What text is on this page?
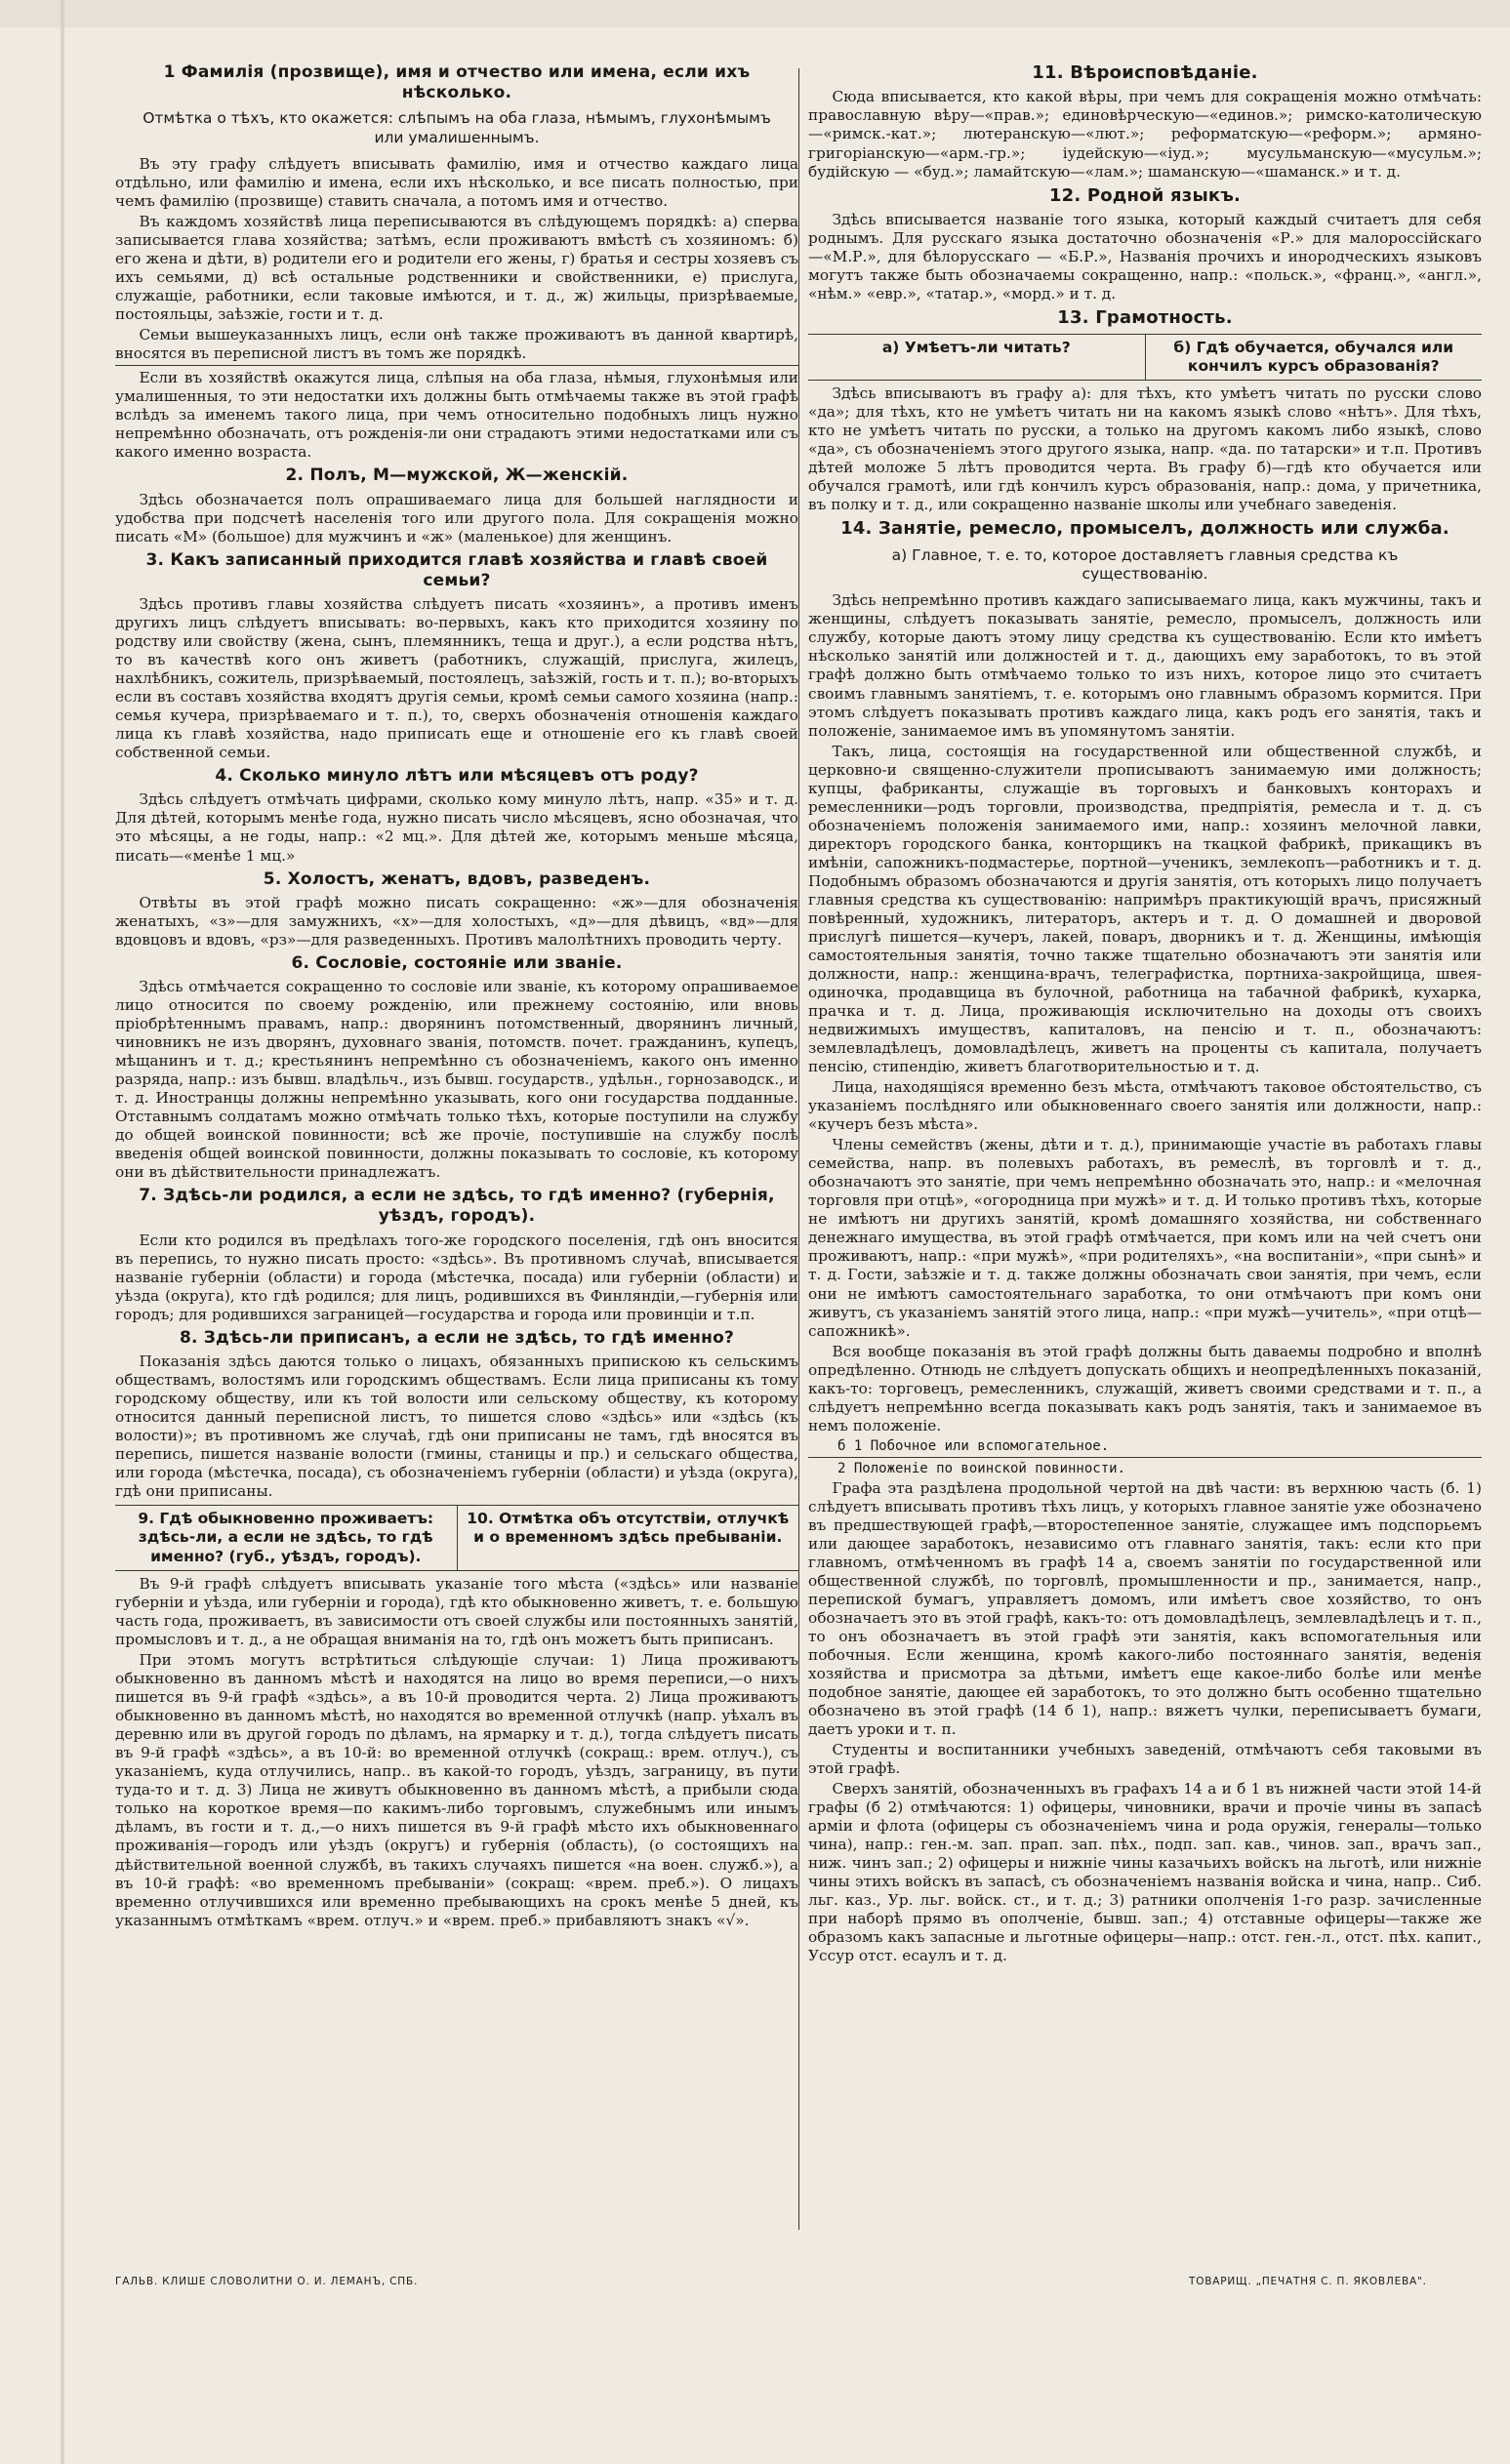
1 Фамилія (прозвище), имя и отчество или имена, если ихъ нѣсколько.
Отмѣтка о тѣхъ, кто окажется: слѣпымъ на оба глаза, нѣмымъ, глухонѣмымъ или умалишеннымъ.

Въ эту графу слѣдуетъ вписывать фамилію, имя и отчество каждаго лица отдѣльно, или фамилію и имена, если ихъ нѣсколько, и все писать полностью, при чемъ фамилію (прозвище) ставить сначала, а потомъ имя и отчество.

Въ каждомъ хозяйствѣ лица переписываются въ слѣдующемъ порядкѣ: а) сперва записывается глава хозяйства; затѣмъ, если проживаютъ вмѣстѣ съ хозяиномъ: б) его жена и дѣти, в) родители его и родители его жены, г) братья и сестры хозяевъ съ ихъ семьями, д) всѣ остальные родственники и свойственники, е) прислуга, служащіе, работники, если таковые имѣются, и т. д., ж) жильцы, призрѣваемые, постояльцы, заѣзжіе, гости и т. д.

Семьи вышеуказанныхъ лицъ, если онѣ также проживаютъ въ данной квартирѣ, вносятся въ переписной листъ въ томъ же порядкѣ.

Если въ хозяйствѣ окажутся лица, слѣпыя на оба глаза, нѣмыя, глухонѣмыя или умалишенныя, то эти недостатки ихъ должны быть отмѣчаемы также въ этой графѣ вслѣдъ за именемъ такого лица, при чемъ относительно подобныхъ лицъ нужно непремѣнно обозначать, отъ рожденія-ли они страдаютъ этими недостатками или съ какого именно возраста.

2. Полъ, М—мужской, Ж—женскій.

Здѣсь обозначается полъ опрашиваемаго лица для большей наглядности и удобства при подсчетѣ населенія того или другого пола. Для сокращенія можно писать «М» (большое) для мужчинъ и «ж» (маленькое) для женщинъ.

3. Какъ записанный приходится главѣ хозяйства и главѣ своей семьи?

Здѣсь противъ главы хозяйства слѣдуетъ писать «хозяинъ», а противъ именъ другихъ лицъ слѣдуетъ вписывать: во-первыхъ, какъ кто приходится хозяину по родству или свойству (жена, сынъ, племянникъ, теща и друг.), а если родства нѣтъ, то въ качествѣ кого онъ живетъ (работникъ, служащій, прислуга, жилецъ, нахлѣбникъ, сожитель, призрѣваемый, постоялецъ, заѣзжій, гость и т. п.); во-вторыхъ если въ составъ хозяйства входятъ другія семьи, кромѣ семьи самого хозяина (напр.: семья кучера, призрѣваемаго и т. п.), то, сверхъ обозначенія отношенія каждаго лица къ главѣ хозяйства, надо приписать еще и отношеніе его къ главѣ своей собственной семьи.

4. Сколько минуло лѣтъ или мѣсяцевъ отъ роду?

Здѣсь слѣдуетъ отмѣчать цифрами, сколько кому минуло лѣтъ, напр. «35» и т. д. Для дѣтей, которымъ менѣе года, нужно писать число мѣсяцевъ, ясно обозначая, что это мѣсяцы, а не годы, напр.: «2 мц.». Для дѣтей же, которымъ меньше мѣсяца, писать—«менѣе 1 мц.»

5. Холостъ, женатъ, вдовъ, разведенъ.

Отвѣты въ этой графѣ можно писать сокращенно: «ж»—для обозначенія женатыхъ, «з»—для замужнихъ, «х»—для холостыхъ, «д»—для дѣвицъ, «вд»—для вдовцовъ и вдовъ, «рз»—для разведенныхъ. Противъ малолѣтнихъ проводить черту.

6. Сословіе, состояніе или званіе.

Здѣсь отмѣчается сокращенно то сословіе или званіе, къ которому опрашиваемое лицо относится по своему рожденію, или прежнему состоянію, или вновь пріобрѣтеннымъ правамъ, напр.: дворянинъ потомственный, дворянинъ личный, чиновникъ не изъ дворянъ, духовнаго званія, потомств. почет. гражданинъ, купецъ, мѣщанинъ и т. д.; крестьянинъ непремѣнно съ обозначеніемъ, какого онъ именно разряда, напр.: изъ бывш. владѣльч., изъ бывш. государств., удѣльн., горнозаводск., и т. д. Иностранцы должны непремѣнно указывать, кого они государства подданные. Отставнымъ солдатамъ можно отмѣчать только тѣхъ, которые поступили на службу до общей воинской повинности; всѣ же прочіе, поступившіе на службу послѣ введенія общей воинской повинности, должны показывать то сословіе, къ которому они въ дѣйствительности принадлежатъ.

7. Здѣсь-ли родился, а если не здѣсь, то гдѣ именно? (губернія, уѣздъ, городъ).

Если кто родился въ предѣлахъ того-же городского поселенія, гдѣ онъ вносится въ перепись, то нужно писать просто: «здѣсь». Въ противномъ случаѣ, вписывается названіе губерніи (области) и города (мѣстечка, посада) или губерніи (области) и уѣзда (округа), кто гдѣ родился; для лицъ, родившихся въ Финляндіи,—губернія или городъ; для родившихся заграницей—государства и города или провинціи и т.п.

8. Здѣсь-ли приписанъ, а если не здѣсь, то гдѣ именно?

Показанія здѣсь даются только о лицахъ, обязанныхъ припискою къ сельскимъ обществамъ, волостямъ или городскимъ обществамъ. Если лица приписаны къ тому городскому обществу, или къ той волости или сельскому обществу, къ которому относится данный переписной листъ, то пишется слово «здѣсь» или «здѣсь (къ волости)»; въ противномъ же случаѣ, гдѣ они приписаны не тамъ, гдѣ вносятся въ перепись, пишется названіе волости (гмины, станицы и пр.) и сельскаго общества, или города (мѣстечка, посада), съ обозначеніемъ губерніи (области) и уѣзда (округа), гдѣ они приписаны.

9. Гдѣ обыкновенно проживаетъ: здѣсь-ли, а если не здѣсь, то гдѣ именно? (губ., уѣздъ, городъ).
10. Отмѣтка объ отсутствіи, отлучкѣ и о временномъ здѣсь пребываніи.

Въ 9-й графѣ слѣдуетъ вписывать указаніе того мѣста («здѣсь» или названіе губерніи и уѣзда, или губерніи и города), гдѣ кто обыкновенно живетъ, т. е. большую часть года, проживаетъ, въ зависимости отъ своей службы или постоянныхъ занятій, промысловъ и т. д., а не обращая вниманія на то, гдѣ онъ можетъ быть приписанъ.

При этомъ могутъ встрѣтиться слѣдующіе случаи: 1) Лица проживаютъ обыкновенно въ данномъ мѣстѣ и находятся на лицо во время переписи,—о нихъ пишется въ 9-й графѣ «здѣсь», а въ 10-й проводится черта. 2) Лица проживаютъ обыкновенно въ данномъ мѣстѣ, но находятся во временной отлучкѣ (напр. уѣхалъ въ деревню или въ другой городъ по дѣламъ, на ярмарку и т. д.), тогда слѣдуетъ писать въ 9-й графѣ «здѣсь», а въ 10-й: во временной отлучкѣ (сокращ.: врем. отлуч.), съ указаніемъ, куда отлучились, напр.. въ какой-то городъ, уѣздъ, заграницу, въ пути туда-то и т. д. 3) Лица не живутъ обыкновенно въ данномъ мѣстѣ, а прибыли сюда только на короткое время—по какимъ-либо торговымъ, служебнымъ или инымъ дѣламъ, въ гости и т. д.,—о нихъ пишется въ 9-й графѣ мѣсто ихъ обыкновеннаго проживанія—городъ или уѣздъ (округъ) и губернія (область), (о состоящихъ на дѣйствительной военной службѣ, въ такихъ случаяхъ пишется «на воен. служб.»), а въ 10-й графѣ: «во временномъ пребываніи» (сокращ: «врем. преб.»). О лицахъ временно отлучившихся или временно пребывающихъ на срокъ менѣе 5 дней, къ указаннымъ отмѣткамъ «врем. отлуч.» и «врем. преб.» прибавляютъ знакъ «√».

11. Вѣроисповѣданіе.

Сюда вписывается, кто какой вѣры, при чемъ для сокращенія можно отмѣчать: православную вѣру—«прав.»; единовѣрческую—«единов.»; римско-католическую—«римск.-кат.»; лютеранскую—«лют.»; реформатскую—«реформ.»; армяно-григоріанскую—«арм.-гр.»; іудейскую—«іуд.»; мусульманскую—«мусульм.»; будійскую — «буд.»; ламайтскую—«лам.»; шаманскую—«шаманск.» и т. д.

12. Родной языкъ.

Здѣсь вписывается названіе того языка, который каждый считаетъ для себя роднымъ. Для русскаго языка достаточно обозначенія «Р.» для малороссійскаго—«М.Р.», для бѣлорусскаго — «Б.Р.», Названія прочихъ и инородческихъ языковъ могутъ также быть обозначаемы сокращенно, напр.: «польск.», «франц.», «англ.», «нѣм.» «евр.», «татар.», «морд.» и т. д.

13. Грамотность.
а) Умѣетъ-ли читать?	б) Гдѣ обучается, обучался или кончилъ курсъ образованія?

Здѣсь вписываютъ въ графу а): для тѣхъ, кто умѣетъ читать по русски слово «да»; для тѣхъ, кто не умѣетъ читать ни на какомъ языкѣ слово «нѣтъ». Для тѣхъ, кто не умѣетъ читать по русски, а только на другомъ какомъ либо языкѣ, слово «да», съ обозначеніемъ этого другого языка, напр. «да. по татарски» и т.п. Противъ дѣтей моложе 5 лѣтъ проводится черта. Въ графу б)—гдѣ кто обучается или обучался грамотѣ, или гдѣ кончилъ курсъ образованія, напр.: дома, у причетника, въ полку и т. д., или сокращенно названіе школы или учебнаго заведенія.

14. Занятіе, ремесло, промыселъ, должность или служба.
а) Главное, т. е. то, которое доставляетъ главныя средства къ существованію.

Здѣсь непремѣнно противъ каждаго записываемаго лица, какъ мужчины, такъ и женщины, слѣдуетъ показывать занятіе, ремесло, промыселъ, должность или службу, которые даютъ этому лицу средства къ существованію. Если кто имѣетъ нѣсколько занятій или должностей и т. д., дающихъ ему заработокъ, то въ этой графѣ должно быть отмѣчаемо только то изъ нихъ, которое лицо это считаетъ своимъ главнымъ занятіемъ, т. е. которымъ оно главнымъ образомъ кормится. При этомъ слѣдуетъ показывать противъ каждаго лица, какъ родъ его занятія, такъ и положеніе, занимаемое имъ въ упомянутомъ занятіи.

Такъ, лица, состоящія на государственной или общественной службѣ, и церковно-и священно-служители прописываютъ занимаемую ими должность; купцы, фабриканты, служащіе въ торговыхъ и банковыхъ конторахъ и ремесленники—родъ торговли, производства, предпріятія, ремесла и т. д. съ обозначеніемъ положенія занимаемого ими, напр.: хозяинъ мелочной лавки, директоръ городского банка, конторщикъ на ткацкой фабрикѣ, прикащикъ въ имѣніи, сапожникъ-подмастерье, портной—ученикъ, землекопъ—работникъ и т. д. Подобнымъ образомъ обозначаются и другія занятія, отъ которыхъ лицо получаетъ главныя средства къ существованію: напримѣръ практикующій врачъ, присяжный повѣренный, художникъ, литераторъ, актеръ и т. д. О домашней и дворовой прислугѣ пишется—кучеръ, лакей, поваръ, дворникъ и т. д. Женщины, имѣющія самостоятельныя занятія, точно также тщательно обозначаютъ эти занятія или должности, напр.: женщина-врачъ, телеграфистка, портниха-закройщица, швея-одиночка, продавщица въ булочной, работница на табачной фабрикѣ, кухарка, прачка и т. д. Лица, проживающія исключительно на доходы отъ своихъ недвижимыхъ имуществъ, капиталовъ, на пенсію и т. п., обозначаютъ: землевладѣлецъ, домовладѣлецъ, живетъ на проценты съ капитала, получаетъ пенсію, стипендію, живетъ благотворительностью и т. д.

Лица, находящіяся временно безъ мѣста, отмѣчаютъ таковое обстоятельство, съ указаніемъ послѣдняго или обыкновеннаго своего занятія или должности, напр.: «кучеръ безъ мѣста».

Члены семействъ (жены, дѣти и т. д.), принимающіе участіе въ работахъ главы семейства, напр. въ полевыхъ работахъ, въ ремеслѣ, въ торговлѣ и т. д., обозначаютъ это занятіе, при чемъ непремѣнно обозначать это, напр.: и «мелочная торговля при отцѣ», «огородница при мужѣ» и т. д. И только противъ тѣхъ, которые не имѣютъ ни другихъ занятій, кромѣ домашняго хозяйства, ни собственнаго денежнаго имущества, въ этой графѣ отмѣчается, при комъ или на чей счетъ они проживаютъ, напр.: «при мужѣ», «при родителяхъ», «на воспитаніи», «при сынѣ» и т. д. Гости, заѣзжіе и т. д. также должны обозначать свои занятія, при чемъ, если они не имѣютъ самостоятельнаго заработка, то они отмѣчаютъ при комъ они живутъ, съ указаніемъ занятій этого лица, напр.: «при мужѣ—учитель», «при отцѣ—сапожникѣ».

Вся вообще показанія въ этой графѣ должны быть даваемы подробно и вполнѣ опредѣленно. Отнюдь не слѣдуетъ допускать общихъ и неопредѣленныхъ показаній, какъ-то: торговецъ, ремесленникъ, служащій, живетъ своими средствами и т. п., а слѣдуетъ непремѣнно всегда показывать какъ родъ занятія, такъ и занимаемое въ немъ положеніе.

б 1 Побочное или вспомогательное.
2 Положеніе по воинской повинности.

Графа эта раздѣлена продольной чертой на двѣ части: въ верхнюю часть (б. 1) слѣдуетъ вписывать противъ тѣхъ лицъ, у которыхъ главное занятіе уже обозначено въ предшествующей графѣ,—второстепенное занятіе, служащее имъ подспорьемъ или дающее заработокъ, независимо отъ главнаго занятія, такъ: если кто при главномъ, отмѣченномъ въ графѣ 14 а, своемъ занятіи по государственной или общественной службѣ, по торговлѣ, промышленности и пр., занимается, напр., перепиской бумагъ, управляетъ домомъ, или имѣетъ свое хозяйство, то онъ обозначаетъ это въ этой графѣ, какъ-то: отъ домовладѣлецъ, землевладѣлецъ и т. п., то онъ обозначаетъ въ этой графѣ эти занятія, какъ вспомогательныя или побочныя. Если женщина, кромѣ какого-либо постояннаго занятія, веденія хозяйства и присмотра за дѣтьми, имѣетъ еще какое-либо болѣе или менѣе подобное занятіе, дающее ей заработокъ, то это должно быть особенно тщательно обозначено въ этой графѣ (14 б 1), напр.: вяжетъ чулки, переписываетъ бумаги, даетъ уроки и т. п.

Студенты и воспитанники учебныхъ заведеній, отмѣчаютъ себя таковыми въ этой графѣ.

Сверхъ занятій, обозначенныхъ въ графахъ 14 а и б 1 въ нижней части этой 14-й графы (б 2) отмѣчаются: 1) офицеры, чиновники, врачи и прочіе чины въ запасѣ армiи и флота (офицеры съ обозначеніемъ чина и рода оружія, генералы—только чина), напр.: ген.-м. зап. прап. зап. пѣх., подп. зап. кав., чинов. зап., врачъ зап., ниж. чинъ зап.; 2) офицеры и нижніе чины казачьихъ войскъ на льготѣ, или нижніе чины этихъ войскъ въ запасѣ, съ обозначеніемъ названія войска и чина, напр.. Сиб. льг. каз., Ур. льг. войск. ст., и т. д.; 3) ратники ополченія 1-го разр. зачисленные при наборѣ прямо въ ополченіе, бывш. зап.; 4) отставные офицеры—также же образомъ какъ запасные и льготные офицеры—напр.: отст. ген.-л., отст. пѣх. капит., Уссур отст. есаулъ и т. д.

ГАЛЬВ. КЛИШЕ СЛОВОЛИТНИ О. И. ЛЕМАНЪ, СПБ.	ТОВАРИЩ. „ПЕЧАТНЯ С. П. ЯКОВЛЕВА".
